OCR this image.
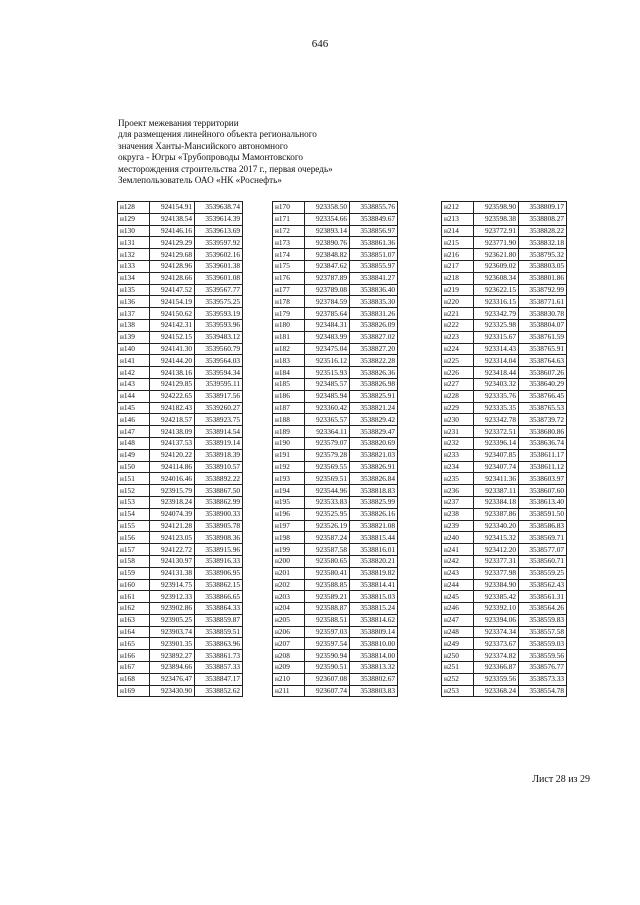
646
Проект межевания территории
для размещения линейного объекта регионального
значения Ханты-Мансийского автономного
округа - Югры «Трубопроводы Мамонтовского
месторождения строительства 2017 г., первая очередь»
Землепользователь ОАО «НК «Роснефть»
н128	924154.91	3539638.74
н129	924138.54	3539614.39
н130	924146.16	3539613.69
н131	924129.29	3539597.92
н132	924129.68	3539602.16
н133	924128.96	3539601.38
н134	924128.66	3539601.08
н135	924147.52	3539567.77
н136	924154.19	3539575.25
н137	924150.62	3539593.19
н138	924142.31	3539593.96
н139	924152.15	3539483.12
н140	924141.30	3539560.79
н141	924144.20	3539564.03
н142	924138.16	3539594.34
н143	924129.85	3539595.11
н144	924222.65	3538917.56
н145	924182.43	3539260.27
н146	924218.57	3538923.75
н147	924138.09	3538914.54
н148	924137.53	3538919.14
н149	924120.22	3538918.39
н150	924114.86	3538910.57
н151	924016.46	3538892.22
н152	923915.79	3538867.50
н153	923918.24	3538862.99
н154	924074.39	3538900.33
н155	924121.28	3538905.78
н156	924123.05	3538908.36
н157	924122.72	3538915.96
н158	924130.97	3538916.33
н159	924131.38	3538906.95
н160	923914.75	3538862.15
н161	923912.33	3538866.65
н162	923902.86	3538864.33
н163	923905.25	3538859.87
н164	923903.74	3538859.51
н165	923901.35	3538863.96
н166	923892.27	3538861.73
н167	923894.66	3538857.33
н168	923476.47	3538847.17
н169	923430.90	3538852.62
н170	923358.50	3538855.76
н171	923354.66	3538849.67
н172	923893.14	3538856.97
н173	923890.76	3538861.36
н174	923848.82	3538851.07
н175	923847.62	3538855.97
н176	923787.89	3538841.27
н177	923789.08	3538836.40
н178	923784.59	3538835.30
н179	923785.64	3538831.26
н180	923484.31	3538826.09
н181	923483.99	3538827.02
н182	923475.04	3538827.20
н183	923516.12	3538822.28
н184	923515.93	3538826.36
н185	923485.57	3538826.98
н186	923485.94	3538825.91
н187	923360.42	3538821.24
н188	923365.57	3538829.42
н189	923364.11	3538829.47
н190	923579.07	3538820.69
н191	923579.28	3538821.03
н192	923569.55	3538826.91
н193	923569.51	3538826.84
н194	923544.96	3538818.83
н195	923533.83	3538825.99
н196	923525.95	3538826.16
н197	923526.19	3538821.08
н198	923587.24	3538815.44
н199	923587.58	3538816.01
н200	923580.65	3538820.21
н201	923580.41	3538819.82
н202	923588.85	3538814.41
н203	923589.21	3538815.03
н204	923588.87	3538815.24
н205	923588.51	3538814.62
н206	923597.03	3538809.14
н207	923597.54	3538810.00
н208	923590.94	3538814.00
н209	923590.51	3538813.32
н210	923607.08	3538802.67
н211	923607.74	3538803.83
н212	923598.90	3538809.17
н213	923598.38	3538808.27
н214	923772.91	3538828.22
н215	923771.90	3538832.18
н216	923621.80	3538795.32
н217	923609.02	3538803.05
н218	923608.34	3538801.86
н219	923622.15	3538792.99
н220	923316.15	3538771.61
н221	923342.79	3538830.78
н222	923325.98	3538804.07
н223	923315.67	3538761.59
н224	923314.43	3538765.91
н225	923314.04	3538764.63
н226	923418.44	3538607.26
н227	923403.32	3538640.29
н228	923335.76	3538766.45
н229	923335.35	3538765.53
н230	923342.78	3538739.72
н231	923372.51	3538680.86
н232	923396.14	3538636.74
н233	923407.85	3538611.17
н234	923407.74	3538611.12
н235	923411.36	3538603.97
н236	923387.11	3538607.60
н237	923384.18	3538613.40
н238	923387.86	3538591.50
н239	923340.20	3538586.83
н240	923415.32	3538569.71
н241	923412.20	3538577.07
н242	923377.31	3538560.71
н243	923377.98	3538559.25
н244	923384.90	3538562.43
н245	923385.42	3538561.31
н246	923392.10	3538564.26
н247	923394.06	3538559.83
н248	923374.34	3538557.58
н249	923373.67	3538559.03
н250	923374.82	3538559.56
н251	923366.87	3538576.77
н252	923359.56	3538573.33
н253	923368.24	3538554.78
Лист 28 из 29
